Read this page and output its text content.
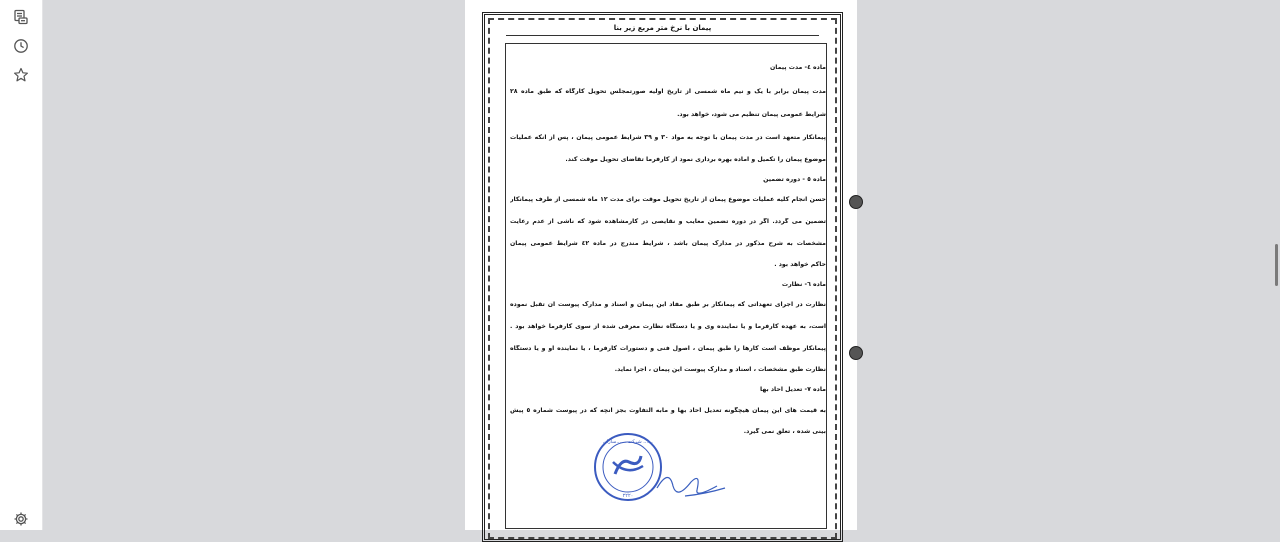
پیمان با نرخ متر مربع زیر بنا
ماده ٤- مدت پیمان
مدت پیمان برابر با یک و نیم ماه شمسی از تاریخ اولیه صورتمجلس تحویل کارگاه که طبق ماده ۲۸
شرایط عمومی پیمان تنظیم می شود، خواهد بود.
پیمانکار متعهد است در مدت پیمان با توجه به مواد ۳۰ و ۳۹ شرایط عمومی پیمان ، پس از آنکه عملیات
موضوع پیمان را تکمیل و آماده بهره برداری نمود از کارفرما تقاضای تحویل موقت کند.
ماده ٥ - دوره تضمین
حسن انجام کلیه عملیات موضوع پیمان از تاریخ تحویل موقت برای مدت ۱۲ ماه شمسی از طرف پیمانکار
تضمین می گردد. اگر در دوره تضمین معایب و نقایصی در کارمشاهده شود که ناشی از عدم رعایت
مشخصات به شرح مذکور در مدارک پیمان باشد ، شرایط مندرج در ماده ٤٢ شرایط عمومی پیمان
حاکم خواهد بود .
ماده ٦- نظارت
نظارت در اجرای تعهداتی که پیمانکار بر طبق مفاد این پیمان و اسناد و مدارک پیوست آن تقبل نموده
است، به عهده کارفرما و یا نماینده وی و یا دستگاه نظارت معرفی شده از سوی کارفرما خواهد بود .
پیمانکار موظف است کارها را طبق پیمان ، اصول فنی و دستورات کارفرما ، یا نماینده او و یا دستگاه
نظارت طبق مشخصات ، اسناد و مدارک پیوست این پیمان ، اجرا نماید.
ماده ۷- تعدیل آحاد بها
به قیمت های این پیمان هیچگونه تعدیل آحاد بها و مابه التفاوت بجز آنچه که در پیوست شماره ٥ پیش
بینی شده ، تعلق نمی گیرد.
شرکت ......سازان ......
۲۲۲۰
